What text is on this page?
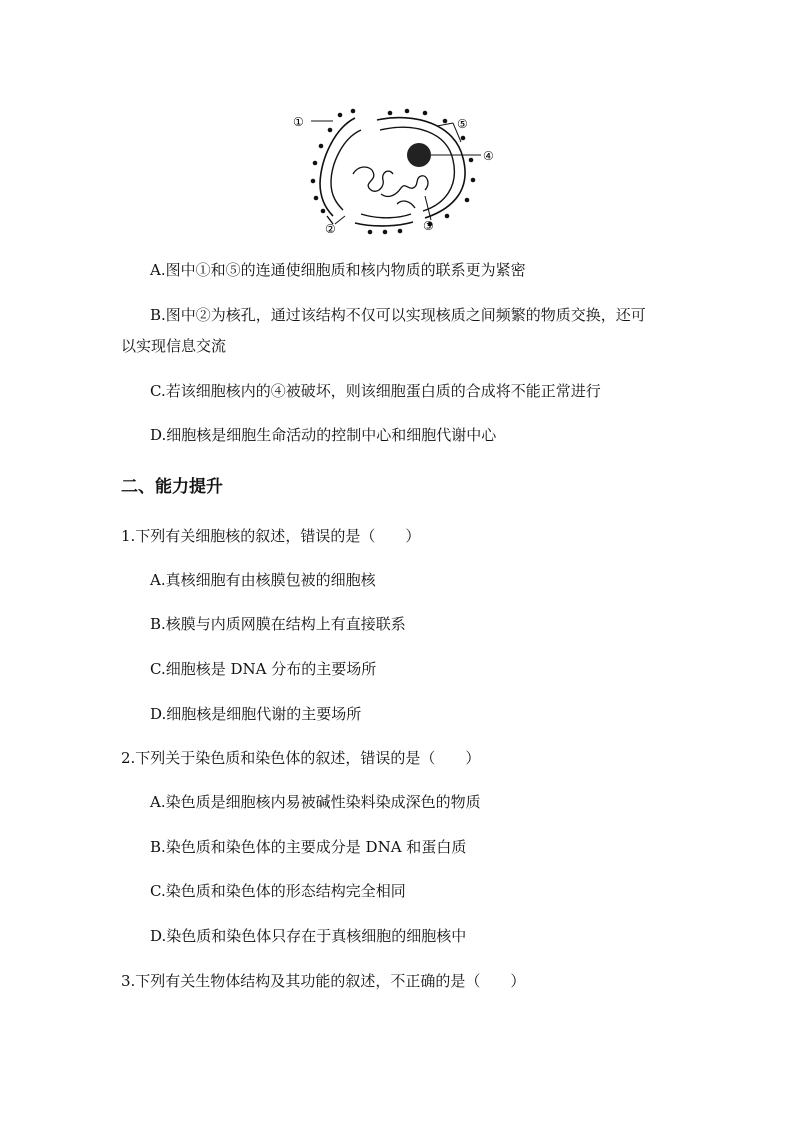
①	⑤
④
②	③
A.图中①和⑤的连通使细胞质和核内物质的联系更为紧密
B.图中②为核孔，通过该结构不仅可以实现核质之间频繁的物质交换，还可
以实现信息交流
C.若该细胞核内的④被破坏，则该细胞蛋白质的合成将不能正常进行
D.细胞核是细胞生命活动的控制中心和细胞代谢中心
二、能力提升
1.下列有关细胞核的叙述，错误的是（　　）
A.真核细胞有由核膜包被的细胞核
B.核膜与内质网膜在结构上有直接联系
C.细胞核是 DNA 分布的主要场所
D.细胞核是细胞代谢的主要场所
2.下列关于染色质和染色体的叙述，错误的是（　　）
A.染色质是细胞核内易被碱性染料染成深色的物质
B.染色质和染色体的主要成分是 DNA 和蛋白质
C.染色质和染色体的形态结构完全相同
D.染色质和染色体只存在于真核细胞的细胞核中
3.下列有关生物体结构及其功能的叙述，不正确的是（　　）
